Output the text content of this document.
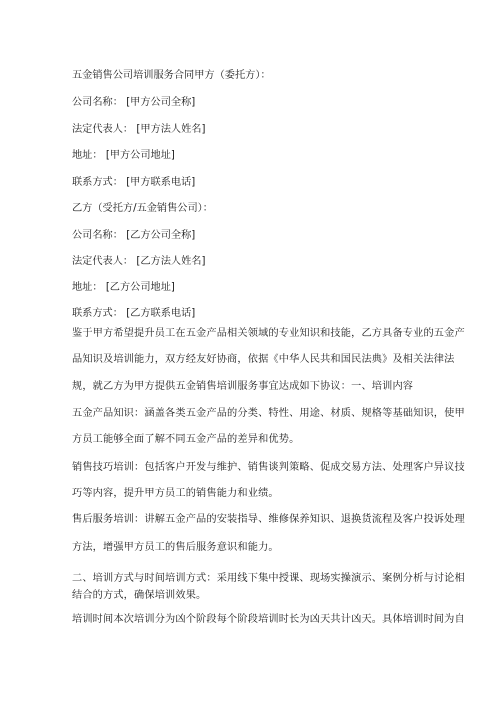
五金销售公司培训服务合同甲方（委托方）：
公司名称： [甲方公司全称]
法定代表人： [甲方法人姓名]
地址： [甲方公司地址]
联系方式： [甲方联系电话]
乙方（受托方/五金销售公司）：
公司名称： [乙方公司全称]
法定代表人： [乙方法人姓名]
地址： [乙方公司地址]
联系方式： [乙方联系电话]
鉴于甲方希望提升员工在五金产品相关领域的专业知识和技能，乙方具备专业的五金产
品知识及培训能力，双方经友好协商，依据《中华人民共和国民法典》及相关法律法
规，就乙方为甲方提供五金销售培训服务事宜达成如下协议：一、培训内容
五金产品知识：涵盖各类五金产品的分类、特性、用途、材质、规格等基础知识，使甲
方员工能够全面了解不同五金产品的差异和优势。
销售技巧培训：包括客户开发与维护、销售谈判策略、促成交易方法、处理客户异议技
巧等内容，提升甲方员工的销售能力和业绩。
售后服务培训：讲解五金产品的安装指导、维修保养知识、退换货流程及客户投诉处理
方法，增强甲方员工的售后服务意识和能力。
二、培训方式与时间培训方式：采用线下集中授课、现场实操演示、案例分析与讨论相
结合的方式，确保培训效果。
培训时间本次培训分为凶个阶段每个阶段培训时长为凶天共计凶天。具体培训时间为自
